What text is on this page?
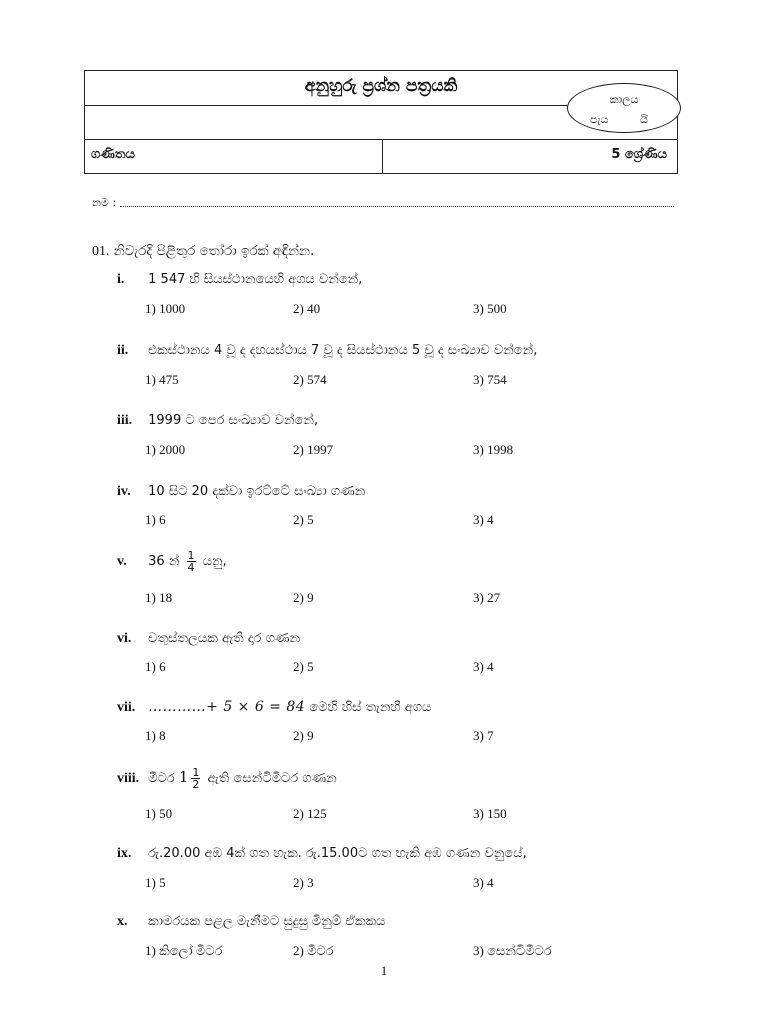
අනුහුරු ප්‍රශ්න පත්‍රයකි
ගණිතය	5 ශ්‍රේණිය
කාලය
පැය	යි
නම :
01. නිවැරදි පිළිතුර තෝරා ඉරක් අඳින්න.
i. 1 547 හි සියස්ථානයෙහි අගය වන්නේ,
1) 1000	2) 40	3) 500
ii. එකස්ථානය 4 වූ ද දහයස්ථාය 7 වූ ද සියස්ථානය 5 වූ ද සංඛ්‍යාව වන්නේ,
1) 475	2) 574	3) 754
iii. 1999 ට පෙර සංඛ්‍යාව වන්නේ,
1) 2000	2) 1997	3) 1998
iv. 10 සිට 20 දක්වා ඉරට්ටේ සංඛ්‍යා ගණන
1) 6	2) 5	3) 4
v. 36 න් $\frac{1}{4}$ යනු,
1) 18	2) 9	3) 27
vi. චතුස්තලයක ඇති දාර ගණන
1) 6	2) 5	3) 4
vii. …………+ 5 × 6 = 84 මෙහි හිස් තැනහි අගය
1) 8	2) 9	3) 7
viii. මීටර $1 \frac{1}{2}$ ඇති සෙන්ටිමීටර ගණන
1) 50	2) 125	3) 150
ix. රු.20.00 අඹ 4ක් ගත හැක. රු.15.00ට ගත හැකි අඹ ගණන වනුයේ,
1) 5	2) 3	3) 4
x. කාමරයක පළල මැනීමට සුදුසු මිනුම් ඒකකය
1) කිලෝ මීටර	2) මීටර	3) සෙන්ටිමීටර
1
